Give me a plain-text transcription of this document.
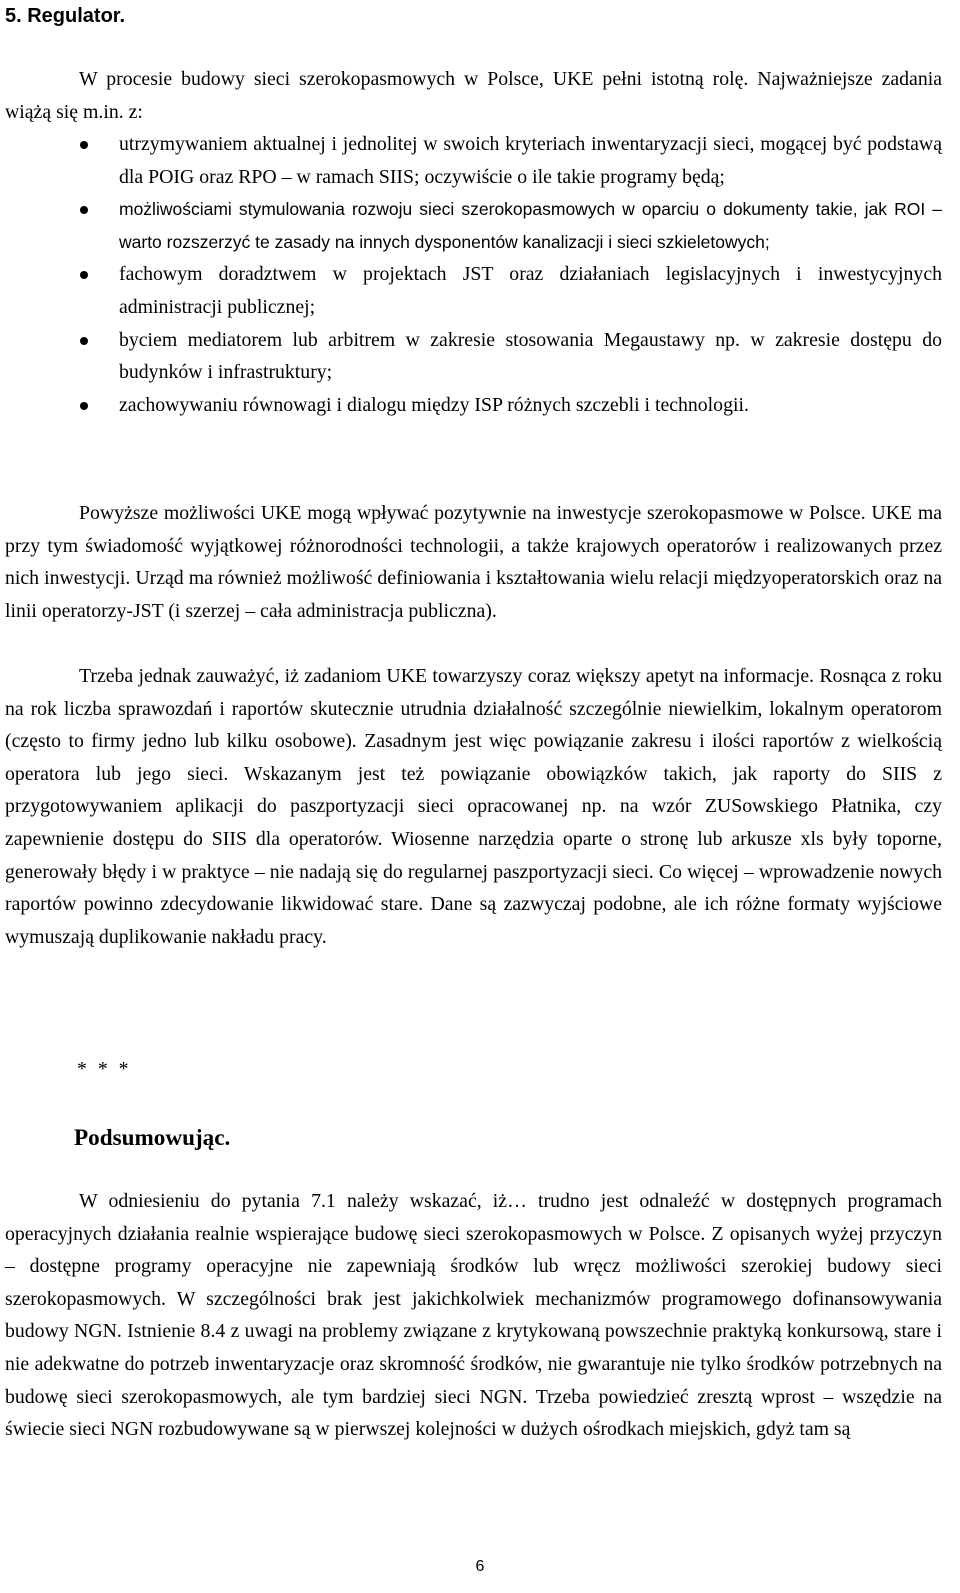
5. Regulator.

W procesie budowy sieci szerokopasmowych w Polsce, UKE pełni istotną rolę. Najważniejsze zadania wiążą się m.in. z:

utrzymywaniem aktualnej i jednolitej w swoich kryteriach inwentaryzacji sieci, mogącej być podstawą dla POIG oraz RPO – w ramach SIIS; oczywiście o ile takie programy będą;
możliwościami stymulowania rozwoju sieci szerokopasmowych w oparciu o dokumenty takie, jak ROI – warto rozszerzyć te zasady na innych dysponentów kanalizacji i sieci szkieletowych;
fachowym doradztwem w projektach JST oraz działaniach legislacyjnych i inwestycyjnych administracji publicznej;
byciem mediatorem lub arbitrem w zakresie stosowania Megaustawy np. w zakresie dostępu do budynków i infrastruktury;
zachowywaniu równowagi i dialogu między ISP różnych szczebli i technologii.

Powyższe możliwości UKE mogą wpływać pozytywnie na inwestycje szerokopasmowe w Polsce. UKE ma przy tym świadomość wyjątkowej różnorodności technologii, a także krajowych operatorów i realizowanych przez nich inwestycji. Urząd ma również możliwość definiowania i kształtowania wielu relacji międzyoperatorskich oraz na linii operatorzy-JST (i szerzej – cała administracja publiczna).

Trzeba jednak zauważyć, iż zadaniom UKE towarzyszy coraz większy apetyt na informacje. Rosnąca z roku na rok liczba sprawozdań i raportów skutecznie utrudnia działalność szczególnie niewielkim, lokalnym operatorom (często to firmy jedno lub kilku osobowe). Zasadnym jest więc powiązanie zakresu i ilości raportów z wielkością operatora lub jego sieci. Wskazanym jest też powiązanie obowiązków takich, jak raporty do SIIS z przygotowywaniem aplikacji do paszportyzacji sieci opracowanej np. na wzór ZUSowskiego Płatnika, czy zapewnienie dostępu do SIIS dla operatorów. Wiosenne narzędzia oparte o stronę lub arkusze xls były toporne, generowały błędy i w praktyce – nie nadają się do regularnej paszportyzacji sieci. Co więcej – wprowadzenie nowych raportów powinno zdecydowanie likwidować stare. Dane są zazwyczaj podobne, ale ich różne formaty wyjściowe wymuszają duplikowanie nakładu pracy.

* * *

Podsumowując.

W odniesieniu do pytania 7.1 należy wskazać, iż… trudno jest odnaleźć w dostępnych programach operacyjnych działania realnie wspierające budowę sieci szerokopasmowych w Polsce. Z opisanych wyżej przyczyn – dostępne programy operacyjne nie zapewniają środków lub wręcz możliwości szerokiej budowy sieci szerokopasmowych. W szczególności brak jest jakichkolwiek mechanizmów programowego dofinansowywania budowy NGN. Istnienie 8.4 z uwagi na problemy związane z krytykowaną powszechnie praktyką konkursową, stare i nie adekwatne do potrzeb inwentaryzacje oraz skromność środków, nie gwarantuje nie tylko środków potrzebnych na budowę sieci szerokopasmowych, ale tym bardziej sieci NGN. Trzeba powiedzieć zresztą wprost – wszędzie na świecie sieci NGN rozbudowywane są w pierwszej kolejności w dużych ośrodkach miejskich, gdyż tam są

6
